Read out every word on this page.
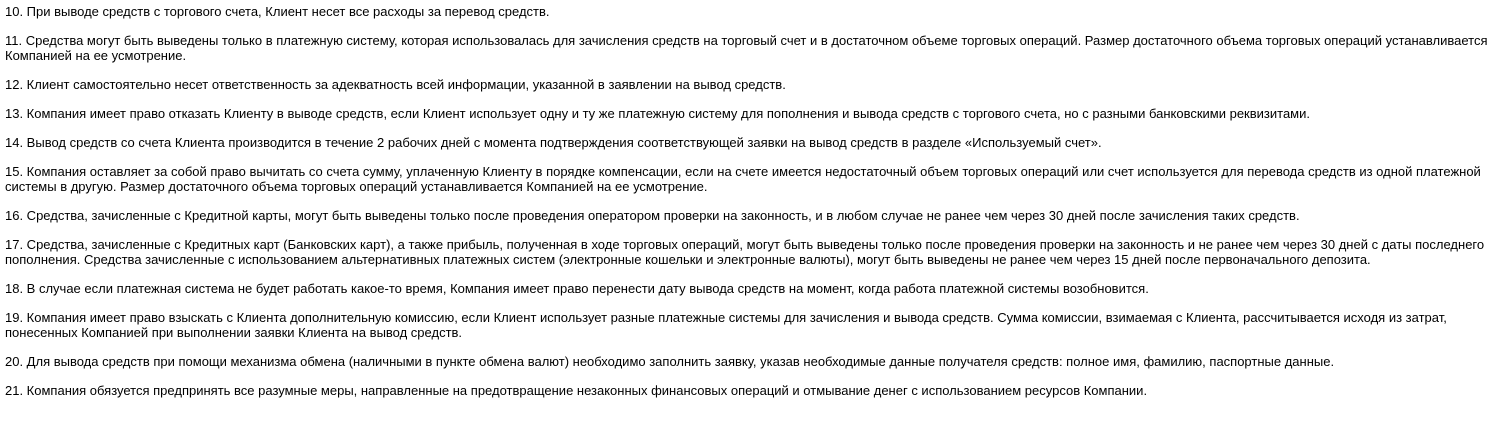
10. При выводе средств с торгового счета, Клиент несет все расходы за перевод средств.

11. Средства могут быть выведены только в платежную систему, которая использовалась для зачисления средств на торговый счет и в достаточном объеме торговых операций. Размер достаточного объема торговых операций устанавливается Компанией на ее усмотрение.

12. Клиент самостоятельно несет ответственность за адекватность всей информации, указанной в заявлении на вывод средств.

13. Компания имеет право отказать Клиенту в выводе средств, если Клиент использует одну и ту же платежную систему для пополнения и вывода средств с торгового счета, но с разными банковскими реквизитами.

14. Вывод средств со счета Клиента производится в течение 2 рабочих дней с момента подтверждения соответствующей заявки на вывод средств в разделе «Используемый счет».

15. Компания оставляет за собой право вычитать со счета сумму, уплаченную Клиенту в порядке компенсации, если на счете имеется недостаточный объем торговых операций или счет используется для перевода средств из одной платежной системы в другую. Размер достаточного объема торговых операций устанавливается Компанией на ее усмотрение.

16. Средства, зачисленные с Кредитной карты, могут быть выведены только после проведения оператором проверки на законность, и в любом случае не ранее чем через 30 дней после зачисления таких средств.

17. Средства, зачисленные с Кредитных карт (Банковских карт), а также прибыль, полученная в ходе торговых операций, могут быть выведены только после проведения проверки на законность и не ранее чем через 30 дней с даты последнего пополнения. Средства зачисленные с использованием альтернативных платежных систем (электронные кошельки и электронные валюты), могут быть выведены не ранее чем через 15 дней после первоначального депозита.

18. В случае если платежная система не будет работать какое-то время, Компания имеет право перенести дату вывода средств на момент, когда работа платежной системы возобновится.

19. Компания имеет право взыскать с Клиента дополнительную комиссию, если Клиент использует разные платежные системы для зачисления и вывода средств. Сумма комиссии, взимаемая с Клиента, рассчитывается исходя из затрат, понесенных Компанией при выполнении заявки Клиента на вывод средств.

20. Для вывода средств при помощи механизма обмена (наличными в пункте обмена валют) необходимо заполнить заявку, указав необходимые данные получателя средств: полное имя, фамилию, паспортные данные.

21. Компания обязуется предпринять все разумные меры, направленные на предотвращение незаконных финансовых операций и отмывание денег с использованием ресурсов Компании.
